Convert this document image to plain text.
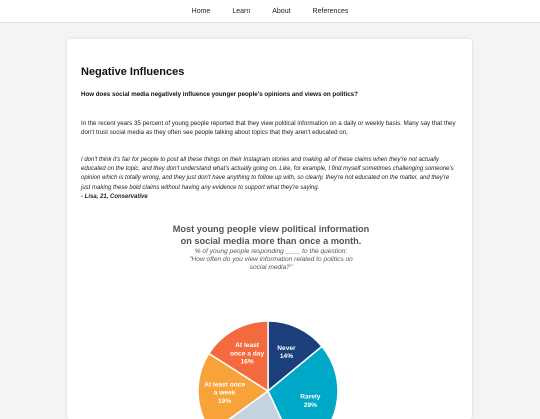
Home	Learn	About	References
Negative Influences

How does social media negatively influence younger people's opinions and views on politics?

In the recent years 35 percent of young people reported that they view political information on a daily or weekly basis. Many say that they don't trust social media as they often see people talking about topics that they aren't educated on,

I don't think it's fair for people to post all these things on their Instagram stories and making all of these claims when they're not actually educated on the topic, and they don't understand what's actually going on. Like, for example, I find myself sometimes challenging someone's opinion which is totally wrong, and they just don't have anything to follow up with, so clearly, they're not educated on the matter, and they're just making these bold claims without having any evidence to support what they're saying.
- Lisa, 21, Conservative

Most young people view political information
on social media more than once a month.
% of young people responding ____ to the question:
"How often do you view information related to politics on
social media?"
Never 14%
Rarely 29%
At least once a week 19%
At least once a day 16%
